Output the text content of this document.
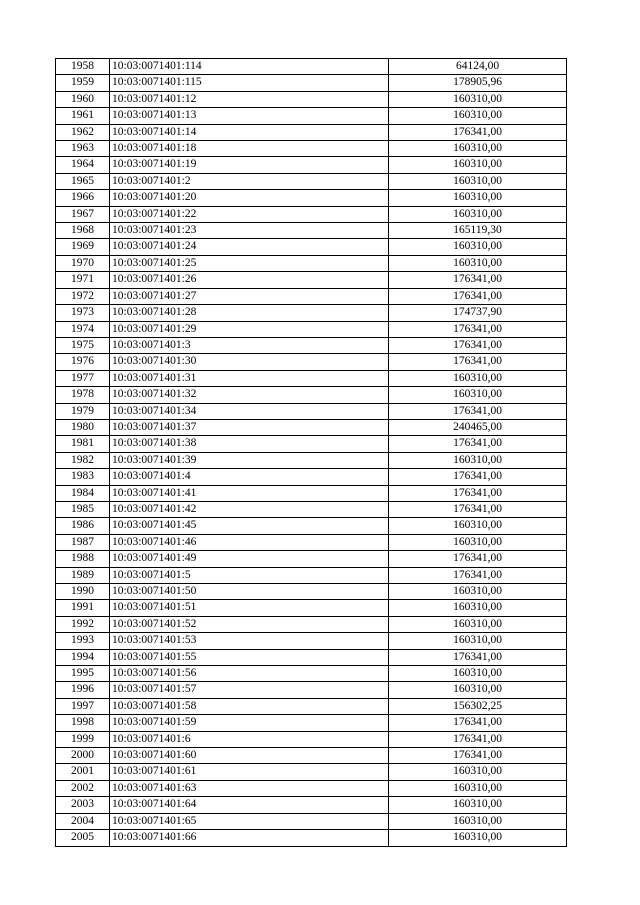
1958	10:03:0071401:114	64124,00
1959	10:03:0071401:115	178905,96
1960	10:03:0071401:12	160310,00
1961	10:03:0071401:13	160310,00
1962	10:03:0071401:14	176341,00
1963	10:03:0071401:18	160310,00
1964	10:03:0071401:19	160310,00
1965	10:03:0071401:2	160310,00
1966	10:03:0071401:20	160310,00
1967	10:03:0071401:22	160310,00
1968	10:03:0071401:23	165119,30
1969	10:03:0071401:24	160310,00
1970	10:03:0071401:25	160310,00
1971	10:03:0071401:26	176341,00
1972	10:03:0071401:27	176341,00
1973	10:03:0071401:28	174737,90
1974	10:03:0071401:29	176341,00
1975	10:03:0071401:3	176341,00
1976	10:03:0071401:30	176341,00
1977	10:03:0071401:31	160310,00
1978	10:03:0071401:32	160310,00
1979	10:03:0071401:34	176341,00
1980	10:03:0071401:37	240465,00
1981	10:03:0071401:38	176341,00
1982	10:03:0071401:39	160310,00
1983	10:03:0071401:4	176341,00
1984	10:03:0071401:41	176341,00
1985	10:03:0071401:42	176341,00
1986	10:03:0071401:45	160310,00
1987	10:03:0071401:46	160310,00
1988	10:03:0071401:49	176341,00
1989	10:03:0071401:5	176341,00
1990	10:03:0071401:50	160310,00
1991	10:03:0071401:51	160310,00
1992	10:03:0071401:52	160310,00
1993	10:03:0071401:53	160310,00
1994	10:03:0071401:55	176341,00
1995	10:03:0071401:56	160310,00
1996	10:03:0071401:57	160310,00
1997	10:03:0071401:58	156302,25
1998	10:03:0071401:59	176341,00
1999	10:03:0071401:6	176341,00
2000	10:03:0071401:60	176341,00
2001	10:03:0071401:61	160310,00
2002	10:03:0071401:63	160310,00
2003	10:03:0071401:64	160310,00
2004	10:03:0071401:65	160310,00
2005	10:03:0071401:66	160310,00
